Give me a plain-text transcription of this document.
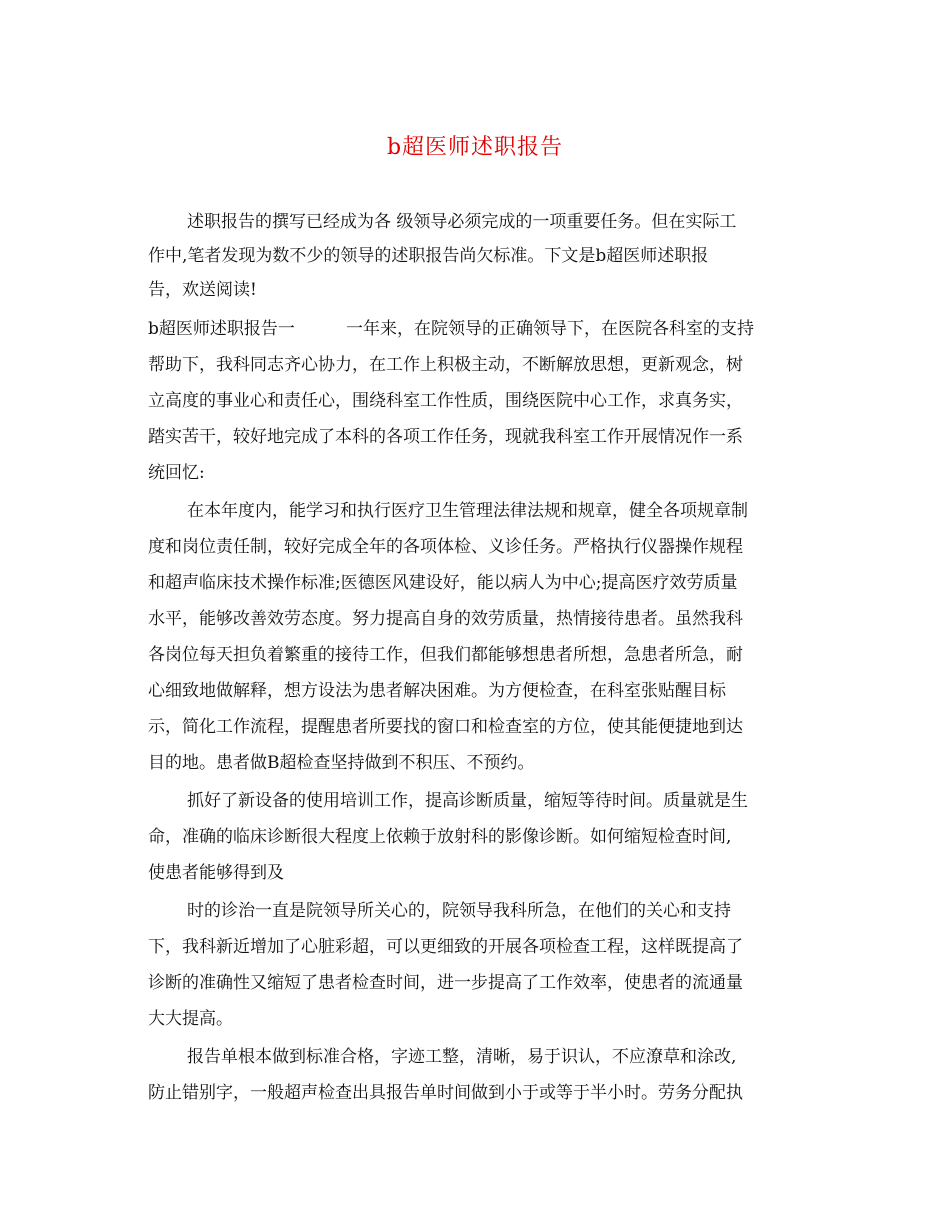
b超医师述职报告

述职报告的撰写已经成为各 级领导必须完成的一项重要任务。但在实际工

作中,笔者发现为数不少的领导的述职报告尚欠标准。下文是b超医师述职报

告，欢送阅读!

b超医师述职报告一	一年来，在院领导的正确领导下，在医院各科室的支持

帮助下，我科同志齐心协力，在工作上积极主动，不断解放思想，更新观念，树

立高度的事业心和责任心，围绕科室工作性质，围绕医院中心工作，求真务实，

踏实苦干，较好地完成了本科的各项工作任务，现就我科室工作开展情况作一系

统回忆:

在本年度内，能学习和执行医疗卫生管理法律法规和规章，健全各项规章制

度和岗位责任制，较好完成全年的各项体检、义诊任务。严格执行仪器操作规程

和超声临床技术操作标准;医德医风建设好，能以病人为中心;提高医疗效劳质量

水平，能够改善效劳态度。努力提高自身的效劳质量，热情接待患者。虽然我科

各岗位每天担负着繁重的接待工作，但我们都能够想患者所想，急患者所急，耐

心细致地做解释，想方设法为患者解决困难。为方便检查，在科室张贴醒目标

示，简化工作流程，提醒患者所要找的窗口和检查室的方位，使其能便捷地到达

目的地。患者做B超检查坚持做到不积压、不预约。

抓好了新设备的使用培训工作，提高诊断质量，缩短等待时间。质量就是生

命，准确的临床诊断很大程度上依赖于放射科的影像诊断。如何缩短检查时间,

使患者能够得到及

时的诊治一直是院领导所关心的，院领导我科所急，在他们的关心和支持

下，我科新近增加了心脏彩超，可以更细致的开展各项检查工程，这样既提高了

诊断的准确性又缩短了患者检查时间，进一步提高了工作效率，使患者的流通量

大大提高。

报告单根本做到标准合格，字迹工整，清晰，易于识认，不应潦草和涂改,

防止错别字，一般超声检查出具报告单时间做到小于或等于半小时。劳务分配执
